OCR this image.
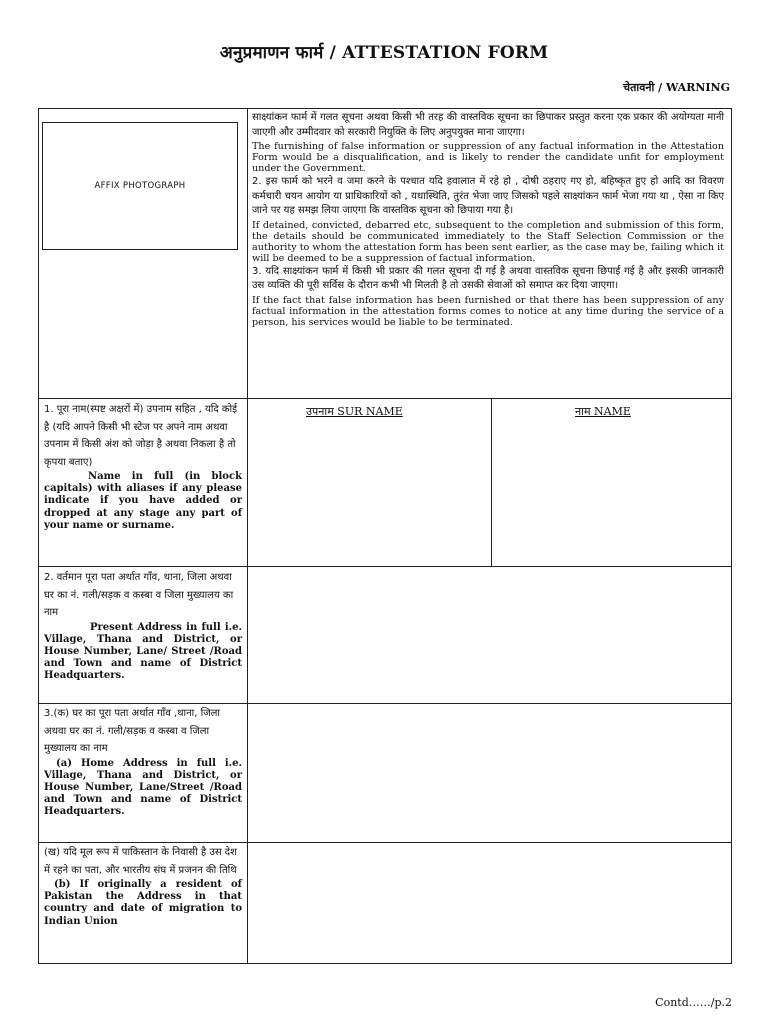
अनुप्रमाणन फार्म / ATTESTATION FORM
चेतावनी / WARNING
AFFIX PHOTOGRAPH

साक्ष्यांकन फार्म में गलत सूचना अथवा किसी भी तरह की वास्तविक सूचना का छिपाकर प्रस्तुत करना एक प्रकार की अयोग्यता मानी जाएगी और उम्मीदवार को सरकारी नियुक्ति के लिए अनुपयुक्त माना जाएगा।

The furnishing of false information or suppression of any factual information in the Attestation Form would be a disqualification, and is likely to render the candidate unfit for employment under the Government.

2. इस फार्म को भरने व जमा करने के पश्चात यदि हवालात में रहे हो , दोषी ठहराए गए हो, बहिष्कृत हुए हो आदि का विवरण कर्मचारी चयन आयोग या प्राधिकारियों को , यथास्थिति, तुरंत भेजा जाए जिसको पहले साक्ष्यांकन फार्म भेजा गया था , ऐसा ना किए जाने पर यह समझ लिया जाएगा कि वास्तविक सूचना को छिपाया गया है।

If detained, convicted, debarred etc, subsequent to the completion and submission of this form, the details should be communicated immediately to the Staff Selection Commission or the authority to whom the attestation form has been sent earlier, as the case may be, failing which it will be deemed to be a suppression of factual information.

3. यदि साक्ष्यांकन फार्म में किसी भी प्रकार की गलत सूचना दी गई है अथवा वास्तविक सूचना छिपाई गई है और इसकी जानकारी उस व्यक्ति की पूरी सर्विस के दौरान कभी भी मिलती है तो उसकी सेवाओं को समाप्त कर दिया जाएगा।

If the fact that false information has been furnished or that there has been suppression of any factual information in the attestation forms comes to notice at any time during the service of a person, his services would be liable to be terminated.

उपनाम SUR NAME	नाम NAME

1. पूरा नाम(स्पष्ट अक्षरों में) उपनाम सहित , यदि कोई है (यदि आपने किसी भी स्टेज पर अपने नाम अथवा उपनाम में किसी अंश को जोड़ा है अथवा निकला है तो कृपया बताए)

Name in full (in block capitals) with aliases if any please indicate if you have added or dropped at any stage any part of your name or surname.

2. वर्तमान पूरा पता अर्थात गाँव, थाना, जिला अथवा घर का नं. गली/सड़क व कस्बा व जिला मुख्यालय का नाम

Present Address in full i.e. Village, Thana and District, or House Number, Lane/ Street /Road and Town and name of District Headquarters.

3.(क) घर का पूरा पता अर्थात गाँव ,थाना, जिला अथवा घर का नं. गली/सड़क व कस्बा व जिला मुख्यालय का नाम

(a) Home Address in full i.e. Village, Thana and District, or House Number, Lane/Street /Road and Town and name of District Headquarters.

(ख) यदि मूल रूप में पाकिस्तान के निवासी है उस देश में रहने का पता, और भारतीय संघ में प्रजनन की तिथि

(b) If originally a resident of Pakistan the Address in that country and date of migration to Indian Union

Contd……/p.2
